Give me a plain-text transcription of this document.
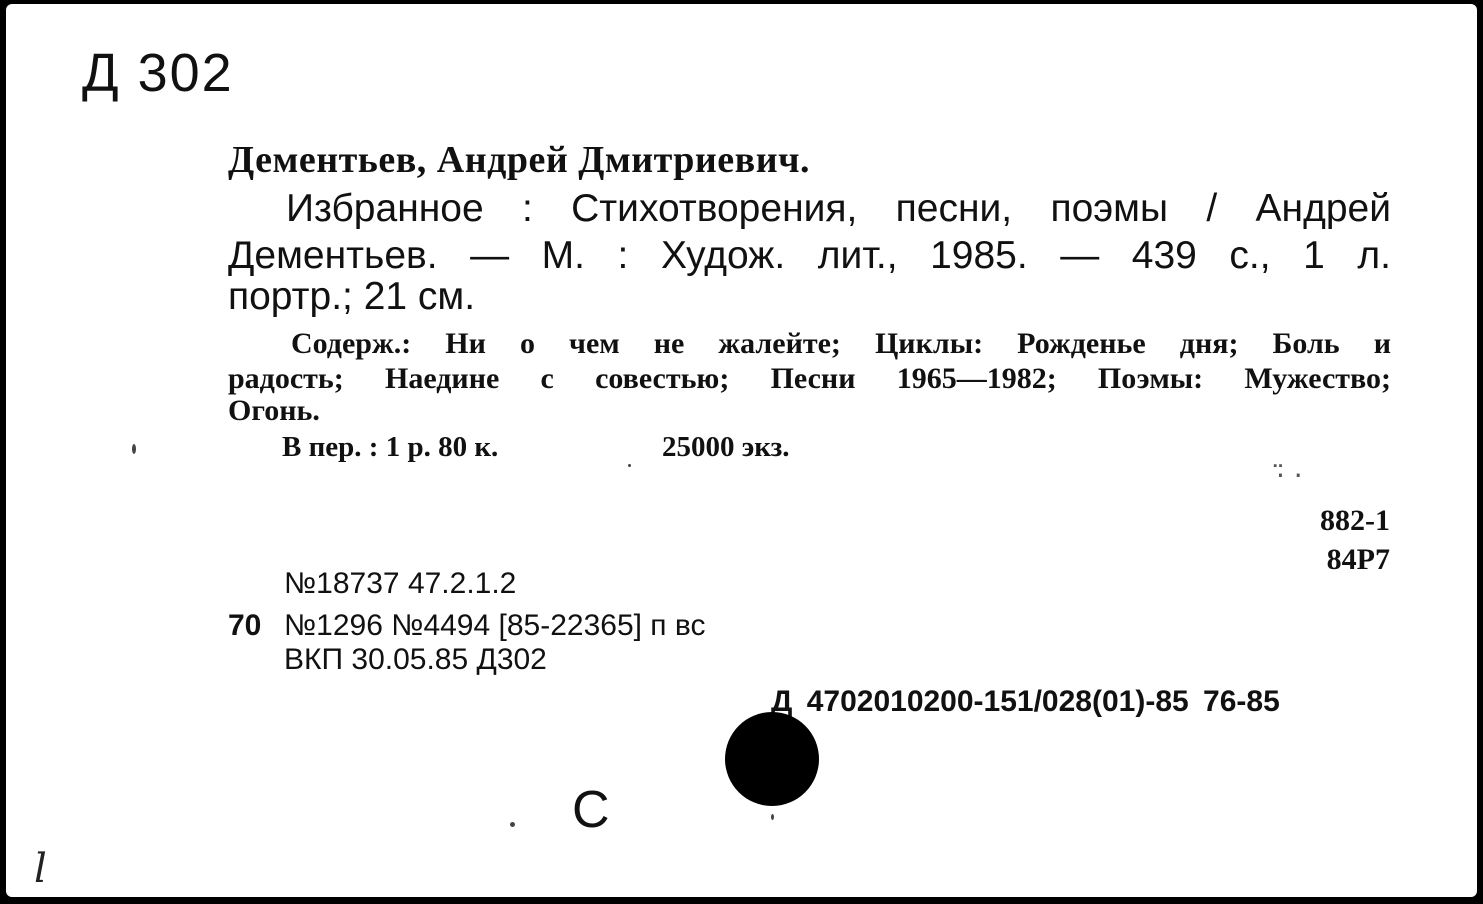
Д 302
Дементьев, Андрей Дмитриевич.
Избранное : Стихотворения, песни, поэмы / Андрей
Дементьев. — М. : Худож. лит., 1985. — 439 с., 1 л.
портр.; 21 см.
Содерж.: Ни о чем не жалейте; Циклы: Рожденье дня; Боль и
радость; Наедине с совестью; Песни 1965—1982; Поэмы: Мужество;
Огонь.
В пер. : 1 р. 80 к.	25000 экз.
·̈ ·
882-1
84Р7
№18737 47.2.1.2
70 №1296 №4494 [85-22365] п вс
ВКП 30.05.85 Д302
Д 4702010200-151/028(01)-85 76-85
С
l
